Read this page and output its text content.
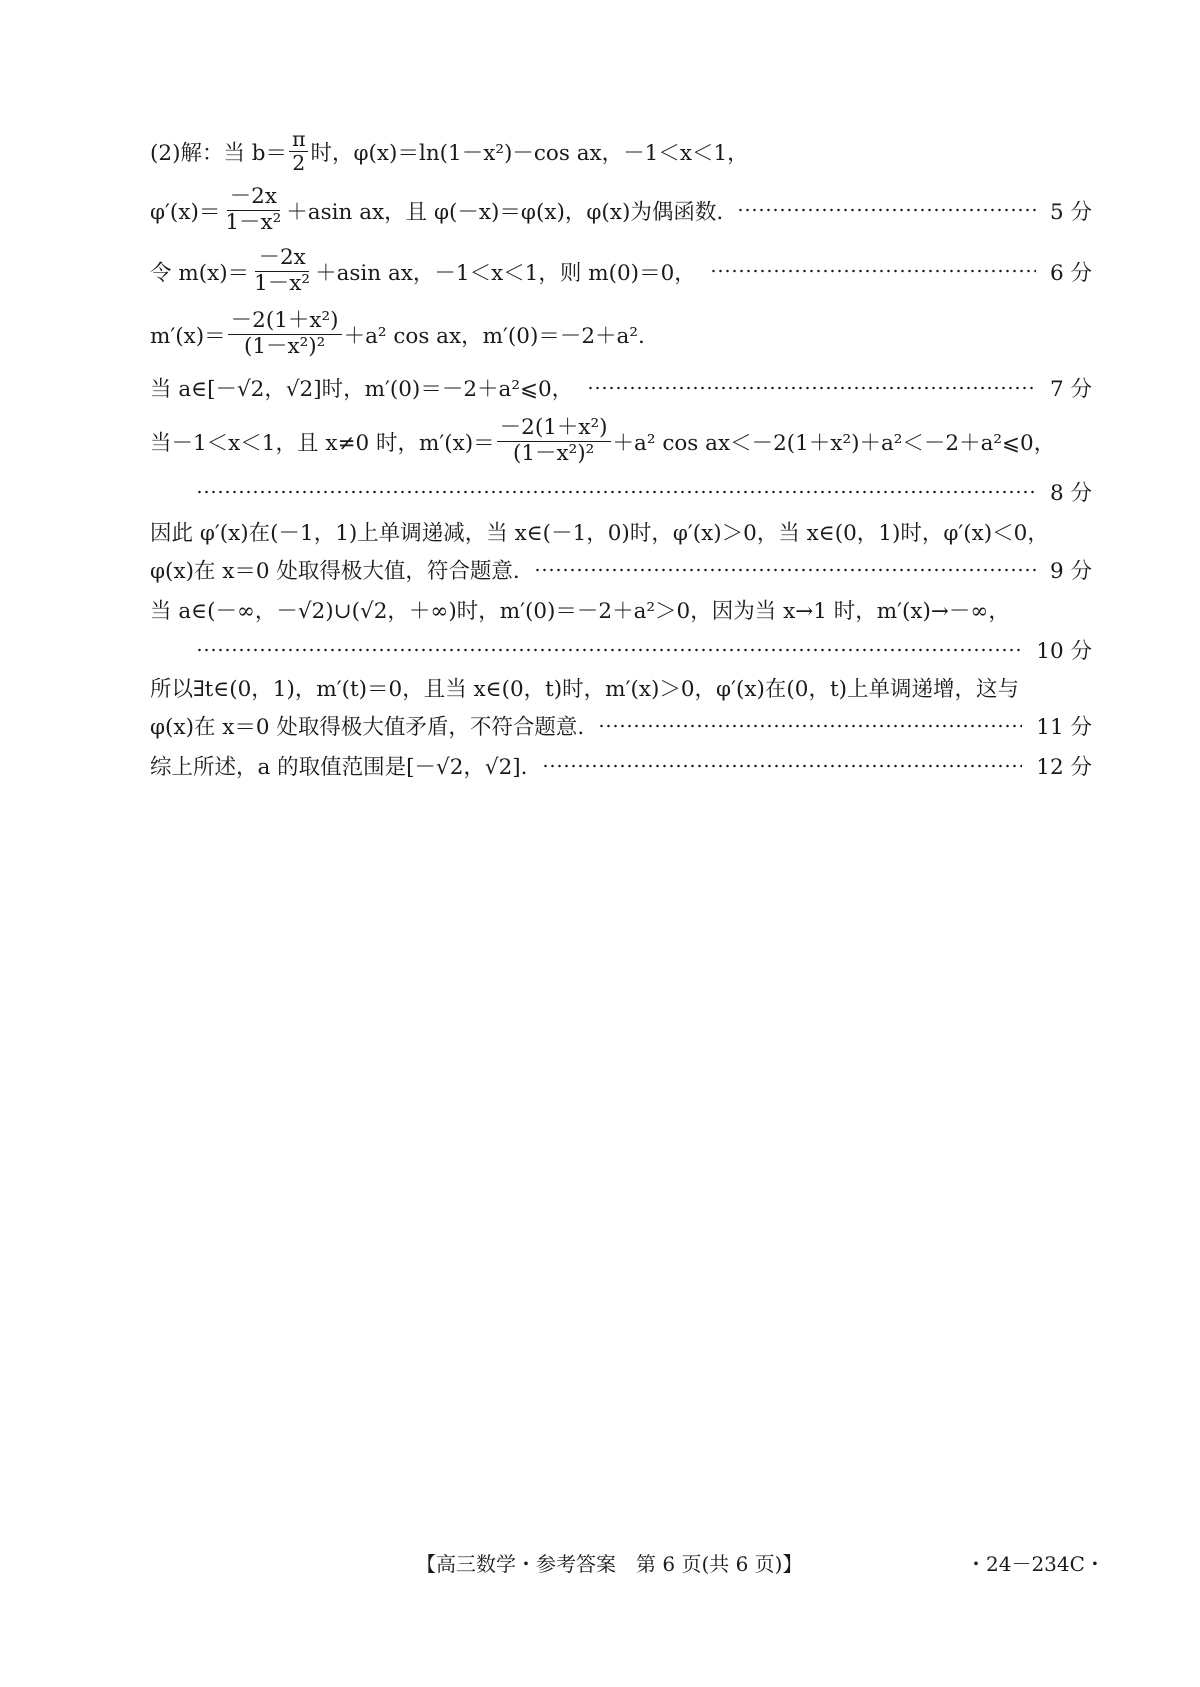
(2)解：当 $b= \frac{\pi}{2}$ 时，φ(x)＝ln(1－x²)－cos ax，－1＜x＜1，
$\varphi'(x)= \frac{-2x}{\text{1－x²}} +asin$ ax，且 φ(－x)＝φ(x)，φ(x)为偶函数.	5 分
令 $m(x)= \frac{-2x}{\text{1－x²}} +asin$ ax，－1＜x＜1，则 m(0)＝0，	6 分
$m'(x)= \frac{\text{－2(1＋x²)}}{\text{(1－x²)²}} +a^2$ cos ax，m′(0)＝－2＋a².
当 a∈[－√2，√2]时，m′(0)＝－2＋a²⩽0，	7 分
当－1＜x＜1，且 x≠0 时，$m'(x)= \frac{\text{－2(1＋x²)}}{\text{(1－x²)²}} +a^2$ cos ax＜－2(1＋x²)＋a²＜－2＋a²⩽0，
8 分
因此 φ′(x)在(－1，1)上单调递减，当 x∈(－1，0)时，φ′(x)＞0，当 x∈(0，1)时，φ′(x)＜0，
φ(x)在 x＝0 处取得极大值，符合题意.	9 分
当 a∈(－∞，－√2)∪(√2，＋∞)时，m′(0)＝－2＋a²＞0，因为当 x→1 时，m′(x)→－∞，
10 分
所以∃t∈(0，1)，m′(t)＝0，且当 x∈(0，t)时，m′(x)＞0，φ′(x)在(0，t)上单调递增，这与
φ(x)在 x＝0 处取得极大值矛盾，不符合题意.	11 分
综上所述，a 的取值范围是[－√2，√2].	12 分
【高三数学・参考答案　第 6 页(共 6 页)】	・24－234C・
